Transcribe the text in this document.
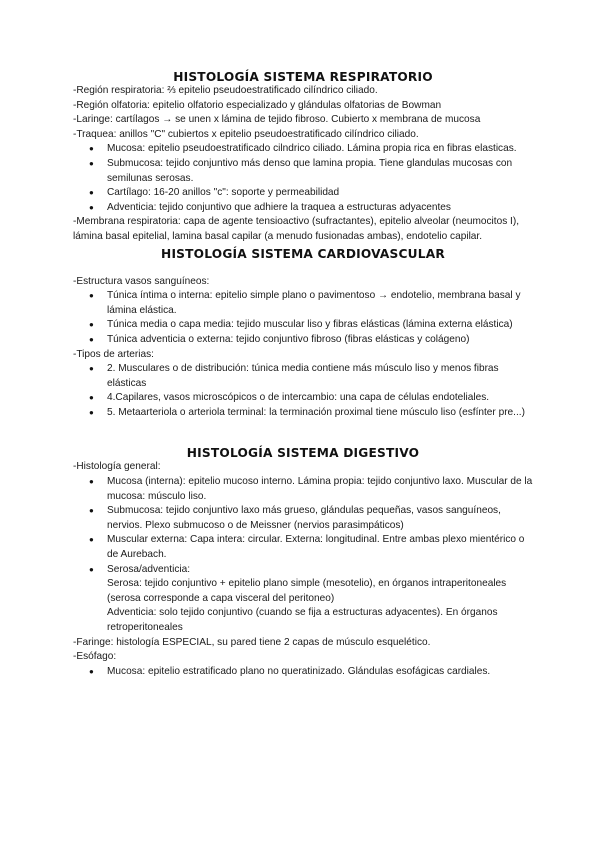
HISTOLOGÍA SISTEMA RESPIRATORIO

-Región respiratoria: ⅔ epitelio pseudoestratificado cilíndrico ciliado.

-Región olfatoria: epitelio olfatorio especializado y glándulas olfatorias de Bowman

-Laringe: cartílagos → se unen x lámina de tejido fibroso. Cubierto x membrana de mucosa

-Traquea: anillos "C" cubiertos x epitelio pseudoestratificado cilíndrico ciliado.

● Mucosa: epitelio pseudoestratificado cilndrico ciliado. Lámina propia rica en fibras elasticas.
● Submucosa: tejido conjuntivo más denso que lamina propia. Tiene glandulas mucosas con semilunas serosas.
● Cartílago: 16-20 anillos "c": soporte y permeabilidad
● Adventicia: tejido conjuntivo que adhiere la traquea a estructuras adyacentes

-Membrana respiratoria: capa de agente tensioactivo (sufractantes), epitelio alveolar (neumocitos I), lámina basal epitelial, lamina basal capilar (a menudo fusionadas ambas), endotelio capilar.

HISTOLOGÍA SISTEMA CARDIOVASCULAR

-Estructura vasos sanguíneos:

● Túnica íntima o interna: epitelio simple plano o pavimentoso → endotelio, membrana basal y lámina elástica.
● Túnica media o capa media: tejido muscular liso y fibras elásticas (lámina externa elástica)
● Túnica adventicia o externa: tejido conjuntivo fibroso (fibras elásticas y colágeno)

-Tipos de arterias:

● 2. Musculares o de distribución: túnica media contiene más músculo liso y menos fibras elásticas
● 4.Capilares, vasos microscópicos o de intercambio: una capa de células endoteliales.
● 5. Metaarteriola o arteriola terminal: la terminación proximal tiene músculo liso (esfínter pre...)
HISTOLOGÍA SISTEMA DIGESTIVO

-Histología general:

● Mucosa (interna): epitelio mucoso interno. Lámina propia: tejido conjuntivo laxo. Muscular de la mucosa: músculo liso.
● Submucosa: tejido conjuntivo laxo más grueso, glándulas pequeñas, vasos sanguíneos, nervios. Plexo submucoso o de Meissner (nervios parasimpáticos)
● Muscular externa: Capa intera: circular. Externa: longitudinal. Entre ambas plexo mientérico o de Aurebach.
● Serosa/adventicia:
Serosa: tejido conjuntivo + epitelio plano simple (mesotelio), en órganos intraperitoneales (serosa corresponde a capa visceral del peritoneo)
Adventicia: solo tejido conjuntivo (cuando se fija a estructuras adyacentes). En órganos retroperitoneales

-Faringe: histología ESPECIAL, su pared tiene 2 capas de músculo esquelético.

-Esófago:

● Mucosa: epitelio estratificado plano no queratinizado. Glándulas esofágicas cardiales.
